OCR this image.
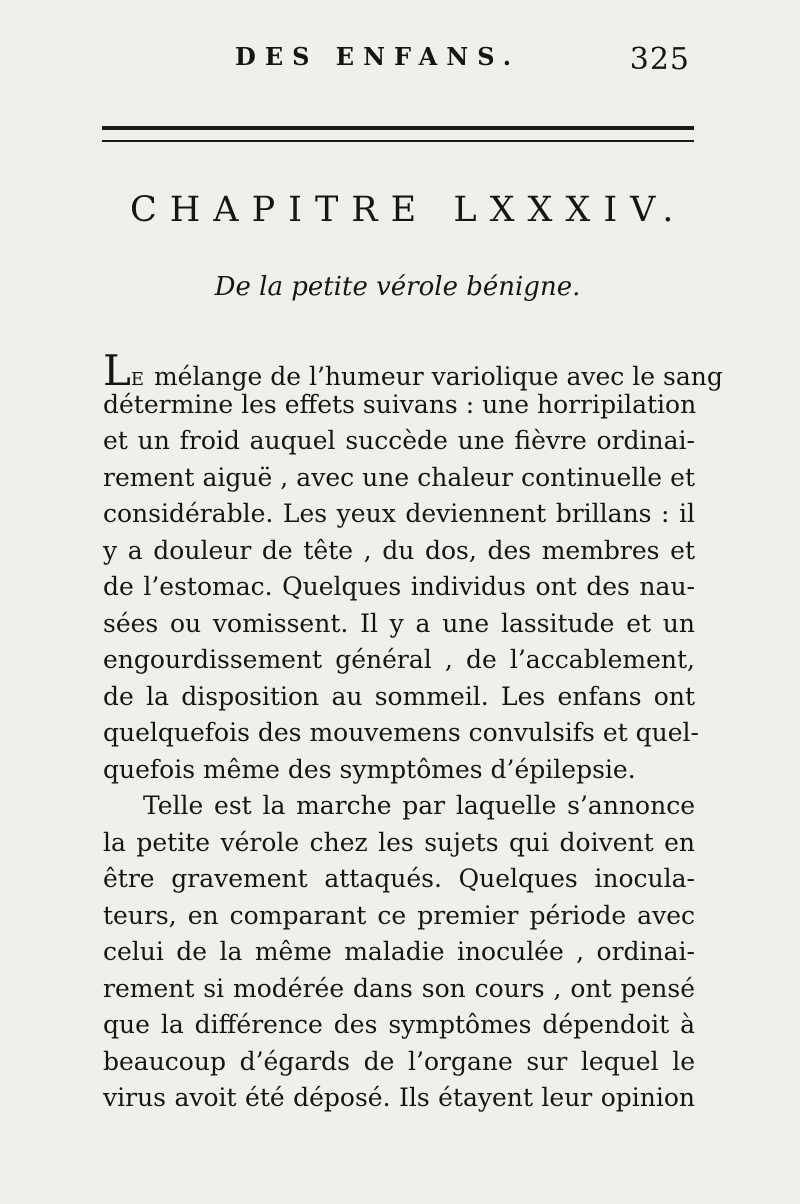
DES ENFANS.	325
CHAPITRE LXXXIV.
De la petite vérole bénigne.
LE mélange de l’humeur variolique avec le sang
détermine les effets suivans : une horripilation
et un froid auquel succède une fièvre ordinai-
rement aiguë , avec une chaleur continuelle et
considérable. Les yeux deviennent brillans : il
y a douleur de tête , du dos, des membres et
de l’estomac. Quelques individus ont des nau-
sées ou vomissent. Il y a une lassitude et un
engourdissement général , de l’accablement,
de la disposition au sommeil. Les enfans ont
quelquefois des mouvemens convulsifs et quel-
quefois même des symptômes d’épilepsie.
Telle est la marche par laquelle s’annonce
la petite vérole chez les sujets qui doivent en
être gravement attaqués. Quelques inocula-
teurs, en comparant ce premier période avec
celui de la même maladie inoculée , ordinai-
rement si modérée dans son cours , ont pensé
que la différence des symptômes dépendoit à
beaucoup d’égards de l’organe sur lequel le
virus avoit été déposé. Ils étayent leur opinion
